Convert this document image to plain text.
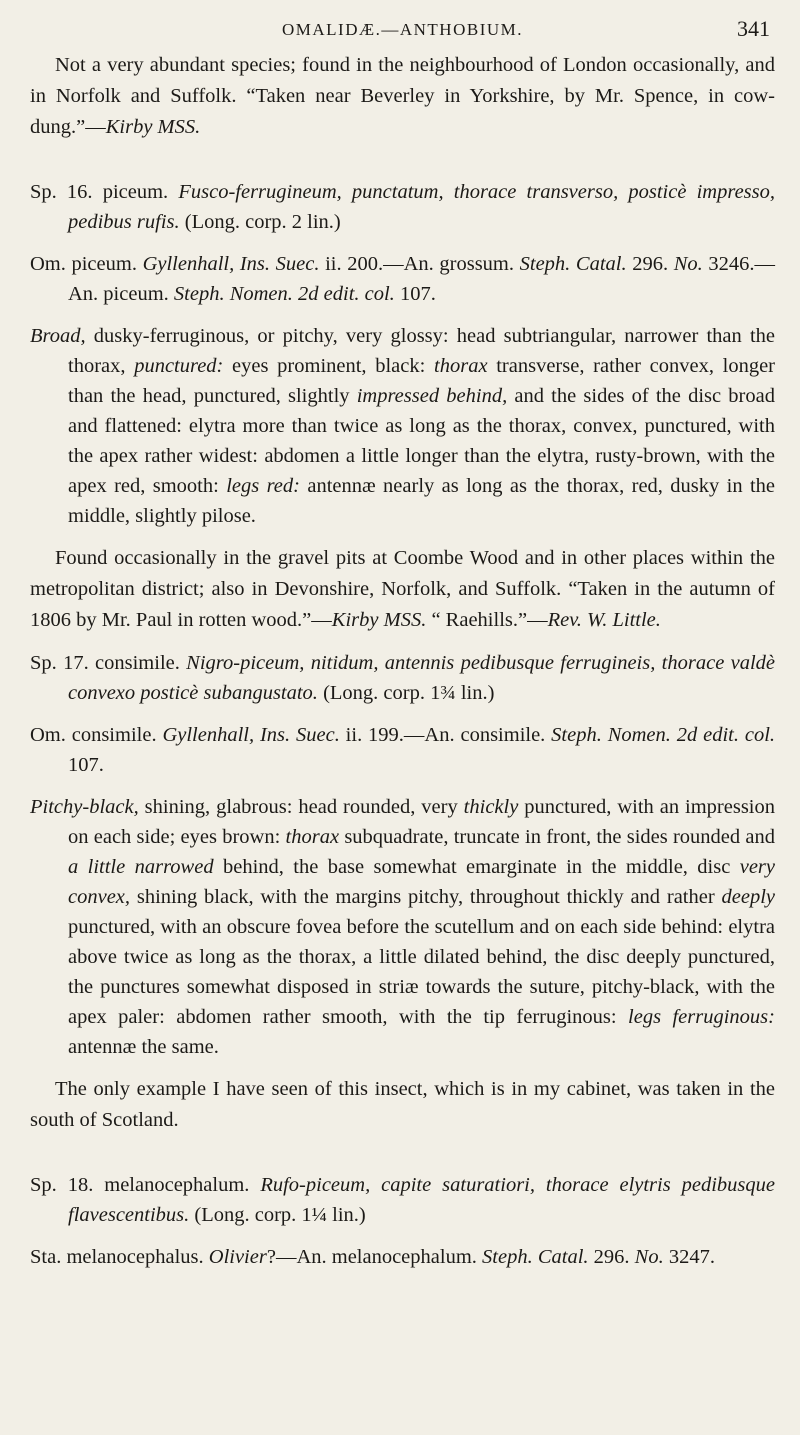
OMALIDÆ.—ANTHOBIUM.	341

Not a very abundant species; found in the neighbourhood of London occasionally, and in Norfolk and Suffolk. “Taken near Beverley in Yorkshire, by Mr. Spence, in cow-dung.”—Kirby MSS.

Sp. 16. piceum. Fusco-ferrugineum, punctatum, thorace transverso, posticè impresso, pedibus rufis. (Long. corp. 2 lin.)

Om. piceum. Gyllenhall, Ins. Suec. ii. 200.—An. grossum. Steph. Catal. 296. No. 3246.—An. piceum. Steph. Nomen. 2d edit. col. 107.

Broad, dusky-ferruginous, or pitchy, very glossy: head subtriangular, narrower than the thorax, punctured: eyes prominent, black: thorax transverse, rather convex, longer than the head, punctured, slightly impressed behind, and the sides of the disc broad and flattened: elytra more than twice as long as the thorax, convex, punctured, with the apex rather widest: abdomen a little longer than the elytra, rusty-brown, with the apex red, smooth: legs red: antennæ nearly as long as the thorax, red, dusky in the middle, slightly pilose.

Found occasionally in the gravel pits at Coombe Wood and in other places within the metropolitan district; also in Devonshire, Norfolk, and Suffolk. “Taken in the autumn of 1806 by Mr. Paul in rotten wood.”—Kirby MSS. “ Raehills.”—Rev. W. Little.

Sp. 17. consimile. Nigro-piceum, nitidum, antennis pedibusque ferrugineis, thorace valdè convexo posticè subangustato. (Long. corp. 1¾ lin.)

Om. consimile. Gyllenhall, Ins. Suec. ii. 199.—An. consimile. Steph. Nomen. 2d edit. col. 107.

Pitchy-black, shining, glabrous: head rounded, very thickly punctured, with an impression on each side; eyes brown: thorax subquadrate, truncate in front, the sides rounded and a little narrowed behind, the base somewhat emarginate in the middle, disc very convex, shining black, with the margins pitchy, throughout thickly and rather deeply punctured, with an obscure fovea before the scutellum and on each side behind: elytra above twice as long as the thorax, a little dilated behind, the disc deeply punctured, the punctures somewhat disposed in striæ towards the suture, pitchy-black, with the apex paler: abdomen rather smooth, with the tip ferruginous: legs ferruginous: antennæ the same.

The only example I have seen of this insect, which is in my cabinet, was taken in the south of Scotland.

Sp. 18. melanocephalum. Rufo-piceum, capite saturatiori, thorace elytris pedibusque flavescentibus. (Long. corp. 1¼ lin.)

Sta. melanocephalus. Olivier?—An. melanocephalum. Steph. Catal. 296. No. 3247.
